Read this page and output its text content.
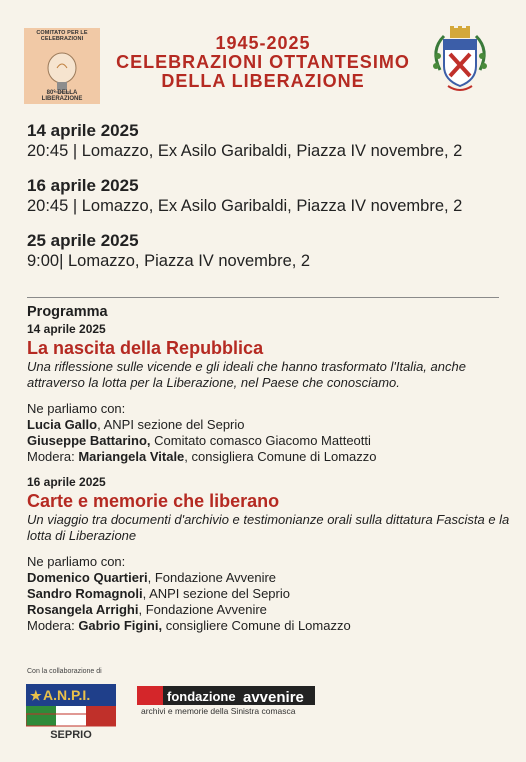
COMITATO PER LE CELEBRAZIONI
80° DELLA LIBERAZIONE
1945-2025
CELEBRAZIONI OTTANTESIMO
DELLA LIBERAZIONE
14 aprile 2025
20:45 | Lomazzo, Ex Asilo Garibaldi, Piazza IV novembre, 2
16 aprile 2025
20:45 | Lomazzo, Ex Asilo Garibaldi, Piazza IV novembre, 2
25 aprile 2025
9:00| Lomazzo, Piazza IV novembre, 2
Programma
14 aprile 2025
La nascita della Repubblica
Una riflessione sulle vicende e gli ideali che hanno trasformato l'Italia, anche attraverso la lotta per la Liberazione, nel Paese che conosciamo.
Ne parliamo con:
Lucia Gallo, ANPI sezione del Seprio
Giuseppe Battarino, Comitato comasco Giacomo Matteotti
Modera: Mariangela Vitale, consigliera Comune di Lomazzo
16 aprile 2025
Carte e memorie che liberano
Un viaggio tra documenti d'archivio e testimonianze orali sulla dittatura Fascista e la lotta di Liberazione
Ne parliamo con:
Domenico Quartieri, Fondazione Avvenire
Sandro Romagnoli, ANPI sezione del Seprio
Rosangela Arrighi, Fondazione Avvenire
Modera: Gabrio Figini, consigliere Comune di Lomazzo
Con la collaborazione di
★ A.N.P.I.
SEPRIO
fondazione avvenire
archivi e memorie della Sinistra comasca
